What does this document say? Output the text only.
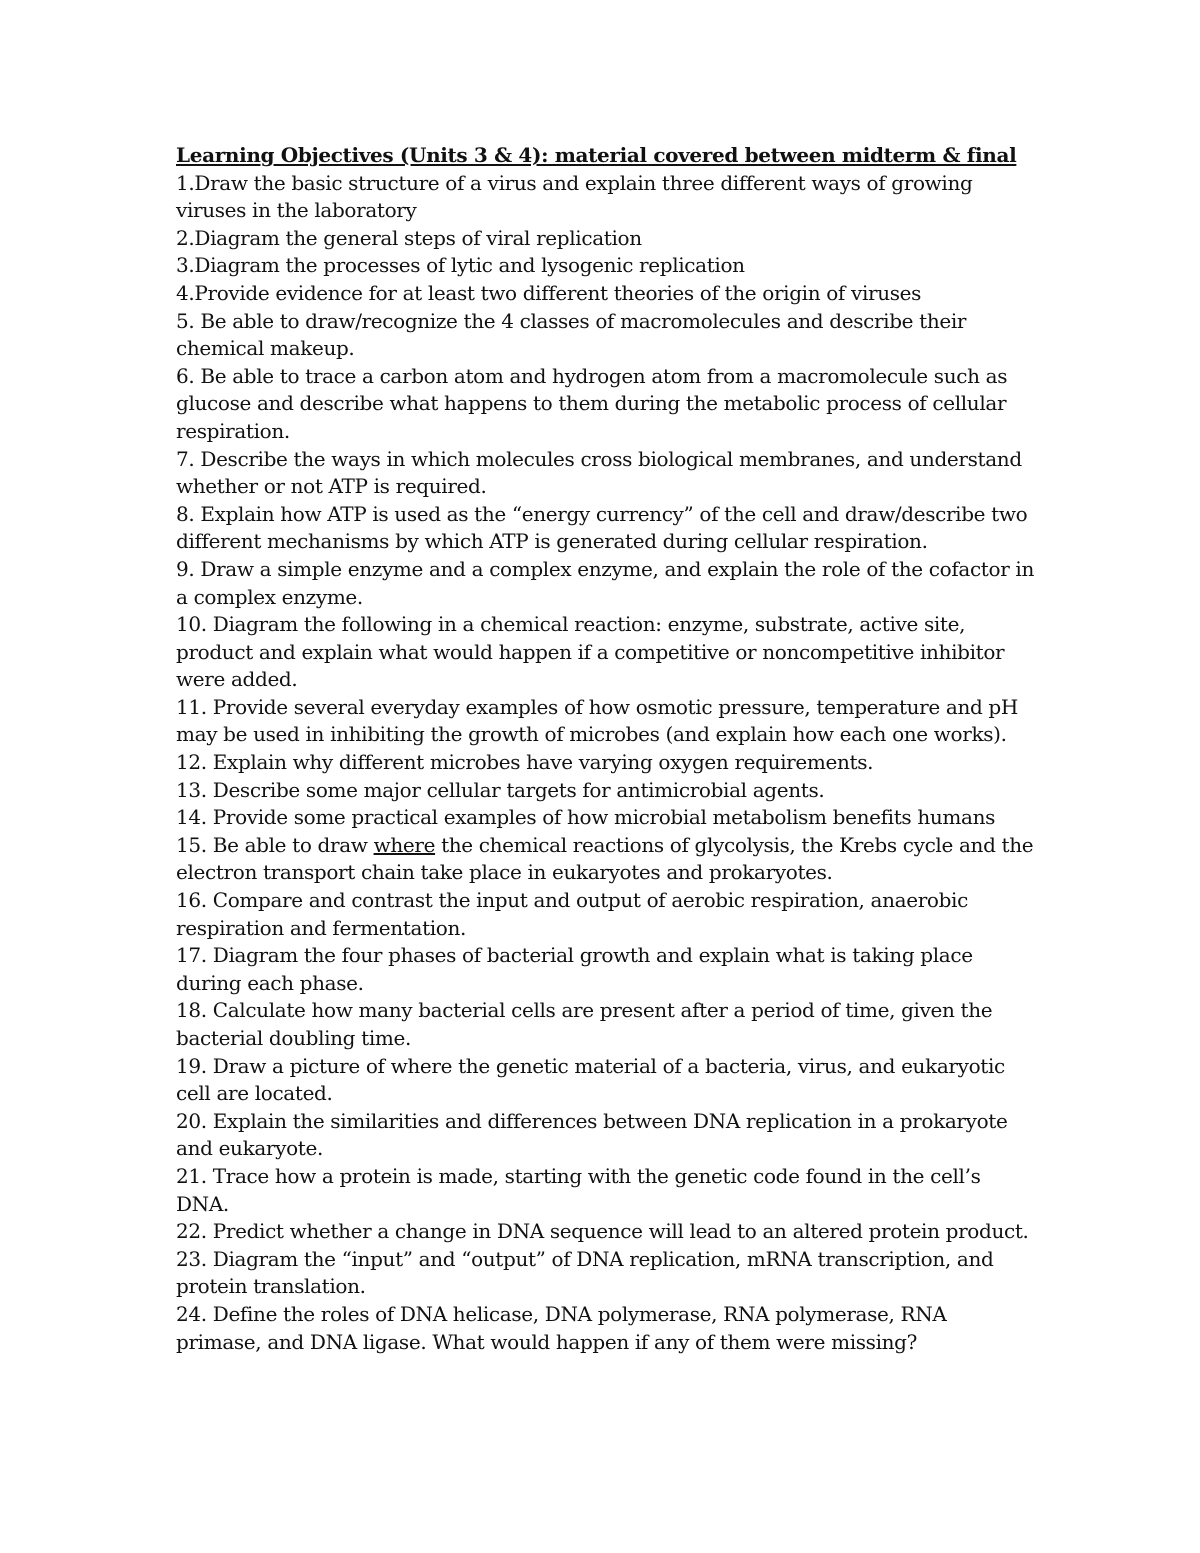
Learning Objectives (Units 3 & 4): material covered between midterm & final

1.Draw the basic structure of a virus and explain three different ways of growing viruses in the laboratory
2.Diagram the general steps of viral replication
3.Diagram the processes of lytic and lysogenic replication
4.Provide evidence for at least two different theories of the origin of viruses
5. Be able to draw/recognize the 4 classes of macromolecules and describe their chemical makeup.
6. Be able to trace a carbon atom and hydrogen atom from a macromolecule such as glucose and describe what happens to them during the metabolic process of cellular respiration.
7. Describe the ways in which molecules cross biological membranes, and understand whether or not ATP is required.
8. Explain how ATP is used as the “energy currency” of the cell and draw/describe two different mechanisms by which ATP is generated during cellular respiration.
9. Draw a simple enzyme and a complex enzyme, and explain the role of the cofactor in a complex enzyme.
10. Diagram the following in a chemical reaction: enzyme, substrate, active site, product and explain what would happen if a competitive or noncompetitive inhibitor were added.
11. Provide several everyday examples of how osmotic pressure, temperature and pH may be used in inhibiting the growth of microbes (and explain how each one works).
12. Explain why different microbes have varying oxygen requirements.
13. Describe some major cellular targets for antimicrobial agents.
14. Provide some practical examples of how microbial metabolism benefits humans
15. Be able to draw where the chemical reactions of glycolysis, the Krebs cycle and the electron transport chain take place in eukaryotes and prokaryotes.
16. Compare and contrast the input and output of aerobic respiration, anaerobic respiration and fermentation.
17. Diagram the four phases of bacterial growth and explain what is taking place during each phase.
18. Calculate how many bacterial cells are present after a period of time, given the bacterial doubling time.
19. Draw a picture of where the genetic material of a bacteria, virus, and eukaryotic cell are located.
20. Explain the similarities and differences between DNA replication in a prokaryote and eukaryote.
21. Trace how a protein is made, starting with the genetic code found in the cell’s DNA.
22. Predict whether a change in DNA sequence will lead to an altered protein product.
23. Diagram the “input” and “output” of DNA replication, mRNA transcription, and protein translation.
24. Define the roles of DNA helicase, DNA polymerase, RNA polymerase, RNA primase, and DNA ligase. What would happen if any of them were missing?
